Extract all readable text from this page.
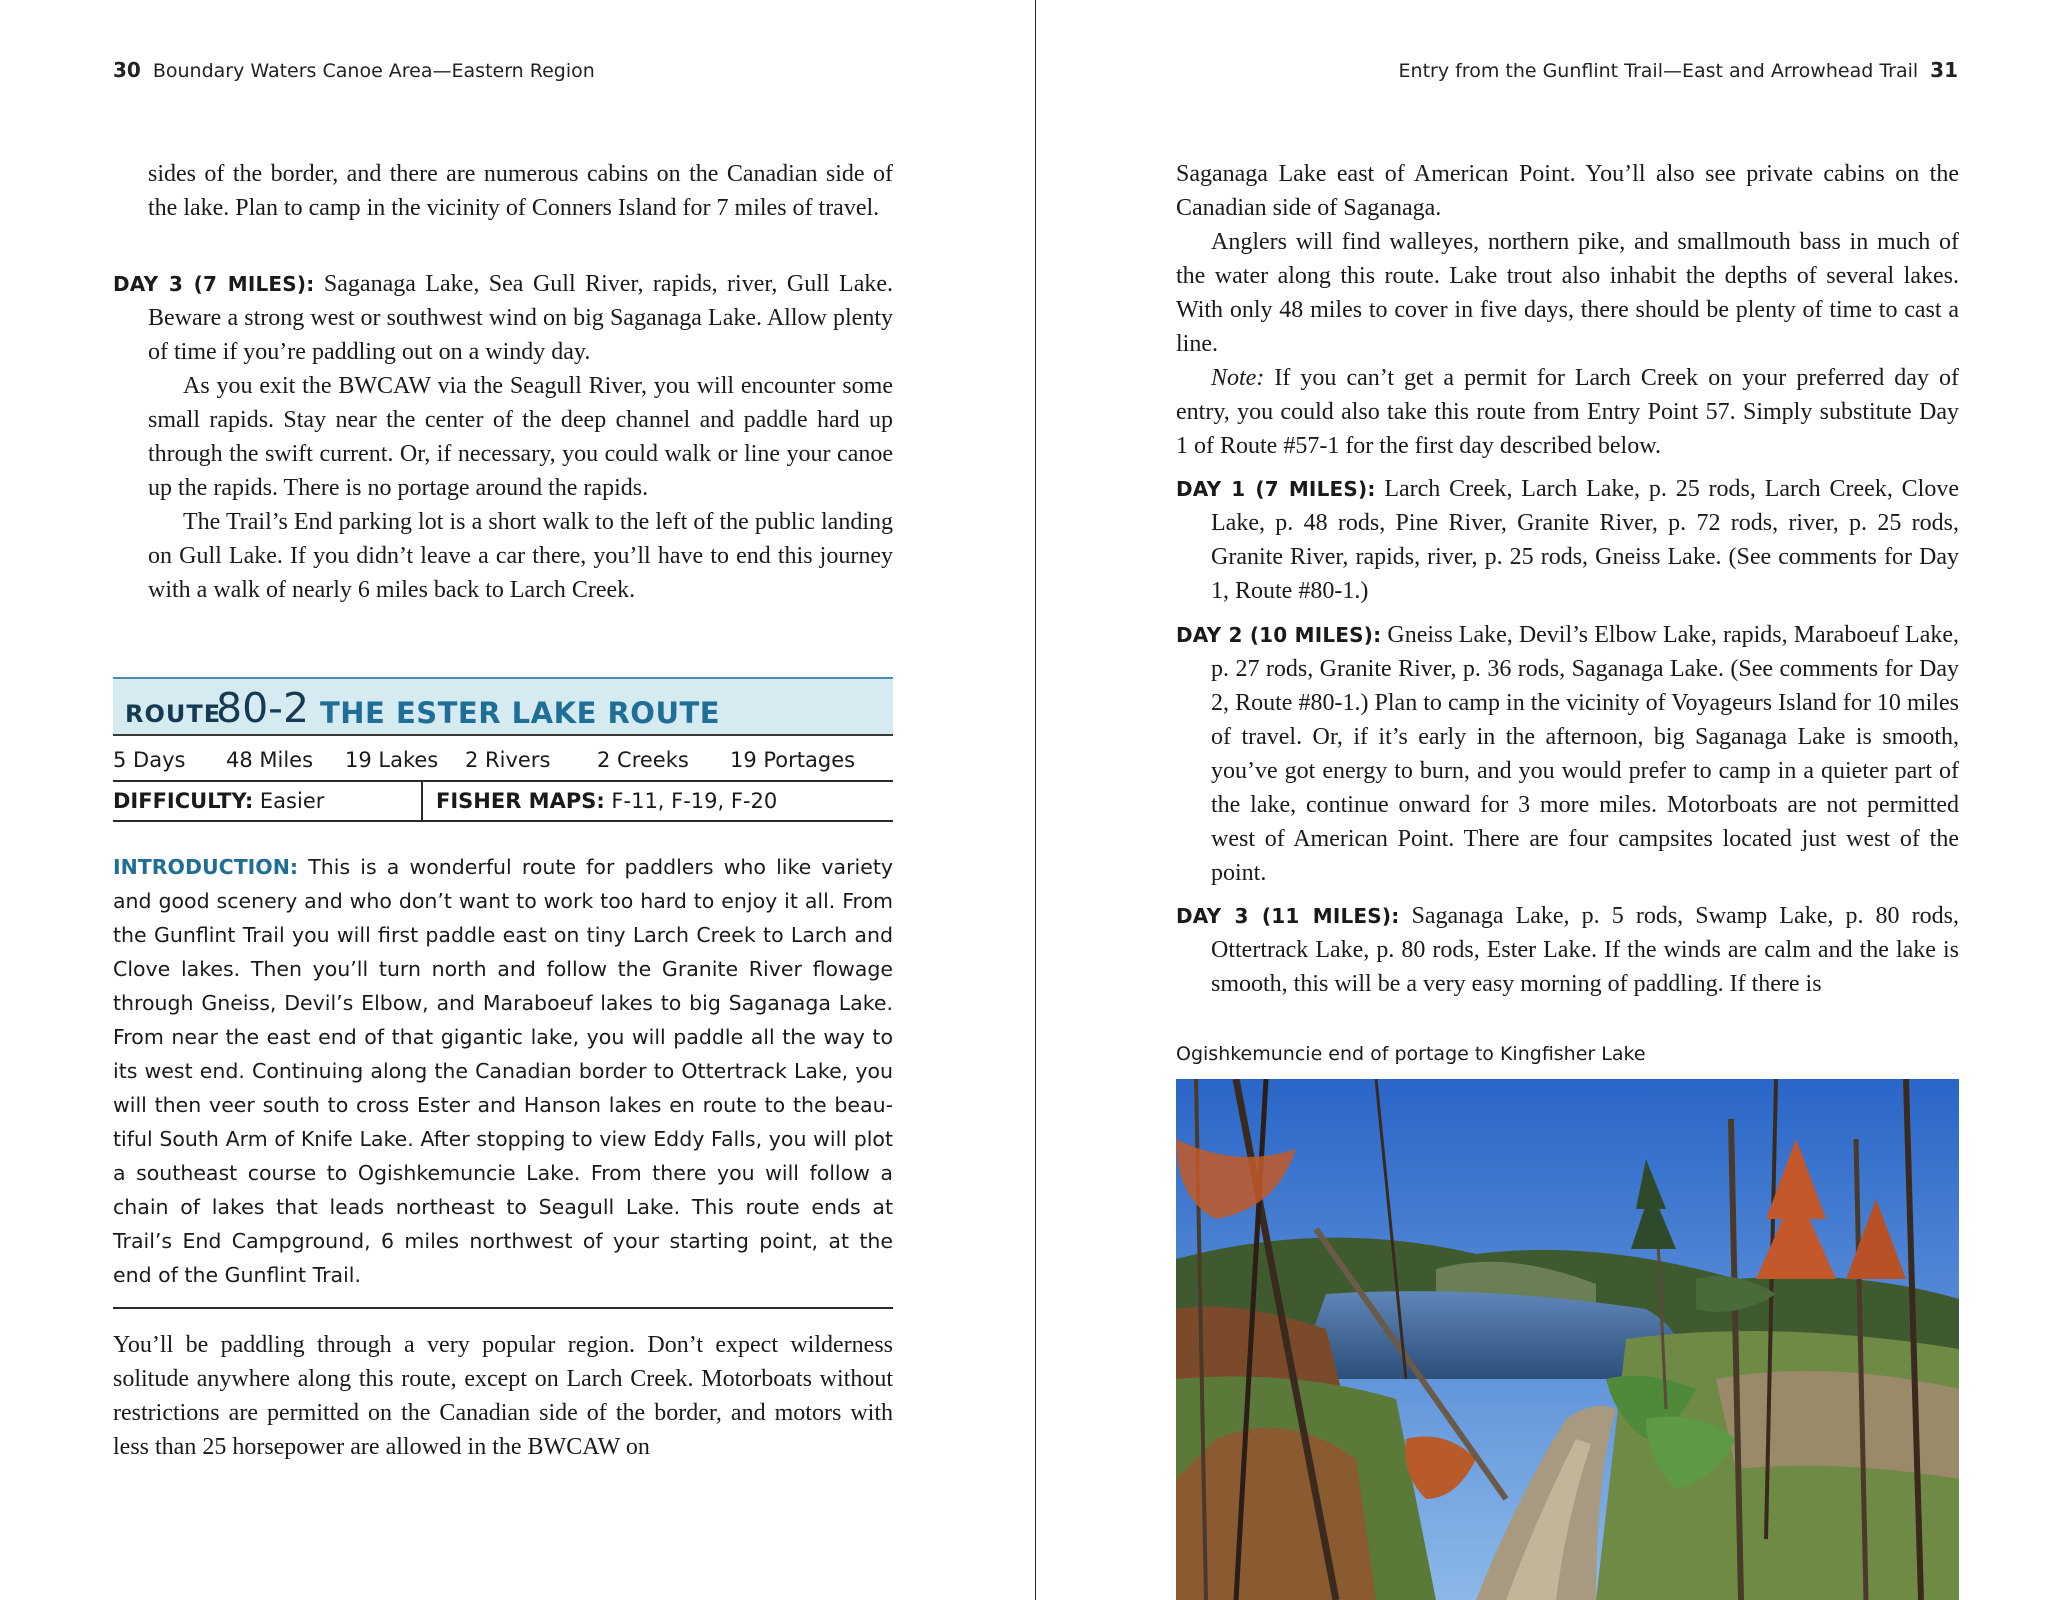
30 Boundary Waters Canoe Area—Eastern Region

sides of the border, and there are numerous cabins on the Canadian side of the lake. Plan to camp in the vicinity of Conners Island for 7 miles of travel.

DAY 3 (7 MILES): Saganaga Lake, Sea Gull River, rapids, river, Gull Lake. Beware a strong west or southwest wind on big Saganaga Lake. Allow plenty of time if you’re paddling out on a windy day.

As you exit the BWCAW via the Seagull River, you will encounter some small rapids. Stay near the center of the deep channel and paddle hard up through the swift current. Or, if necessary, you could walk or line your canoe up the rapids. There is no portage around the rapids.

The Trail’s End parking lot is a short walk to the left of the public landing on Gull Lake. If you didn’t leave a car there, you’ll have to end this journey with a walk of nearly 6 miles back to Larch Creek.

ROUTE
80-2 THE ESTER LAKE ROUTE
5 Days 48 Miles 19 Lakes 2 Rivers 2 Creeks 19 Portages
DIFFICULTY: Easier	FISHER MAPS: F-11, F-19, F-20
INTRODUCTION: This is a wonderful route for paddlers who like variety and good scenery and who don’t want to work too hard to enjoy it all. From the Gunflint Trail you will first paddle east on tiny Larch Creek to Larch and Clove lakes. Then you’ll turn north and follow the Granite River flowage through Gneiss, Devil’s Elbow, and Maraboeuf lakes to big Saganaga Lake. From near the east end of that gigantic lake, you will paddle all the way to its west end. Continuing along the Canadian border to Ottertrack Lake, you will then veer south to cross Ester and Hanson lakes en route to the beautiful South Arm of Knife Lake. After stopping to view Eddy Falls, you will plot a southeast course to Ogishkemuncie Lake. From there you will follow a chain of lakes that leads northeast to Seagull Lake. This route ends at Trail’s End Campground, 6 miles northwest of your starting point, at the end of the Gunflint Trail.

You’ll be paddling through a very popular region. Don’t expect wilderness solitude anywhere along this route, except on Larch Creek. Motorboats without restrictions are permitted on the Canadian side of the border, and motors with less than 25 horsepower are allowed in the BWCAW on

Entry from the Gunflint Trail—East and Arrowhead Trail 31

Saganaga Lake east of American Point. You’ll also see private cabins on the Canadian side of Saganaga.

Anglers will find walleyes, northern pike, and smallmouth bass in much of the water along this route. Lake trout also inhabit the depths of several lakes. With only 48 miles to cover in five days, there should be plenty of time to cast a line.

Note: If you can’t get a permit for Larch Creek on your preferred day of entry, you could also take this route from Entry Point 57. Simply substitute Day 1 of Route #57-1 for the first day described below.

DAY 1 (7 MILES): Larch Creek, Larch Lake, p. 25 rods, Larch Creek, Clove Lake, p. 48 rods, Pine River, Granite River, p. 72 rods, river, p. 25 rods, Granite River, rapids, river, p. 25 rods, Gneiss Lake. (See comments for Day 1, Route #80-1.)

DAY 2 (10 MILES): Gneiss Lake, Devil’s Elbow Lake, rapids, Maraboeuf Lake, p. 27 rods, Granite River, p. 36 rods, Saganaga Lake. (See comments for Day 2, Route #80-1.) Plan to camp in the vicinity of Voyageurs Island for 10 miles of travel. Or, if it’s early in the afternoon, big Saganaga Lake is smooth, you’ve got energy to burn, and you would prefer to camp in a quieter part of the lake, continue onward for 3 more miles. Motorboats are not permitted west of American Point. There are four campsites located just west of the point.

DAY 3 (11 MILES): Saganaga Lake, p. 5 rods, Swamp Lake, p. 80 rods, Ottertrack Lake, p. 80 rods, Ester Lake. If the winds are calm and the lake is smooth, this will be a very easy morning of paddling. If there is

Ogishkemuncie end of portage to Kingfisher Lake
